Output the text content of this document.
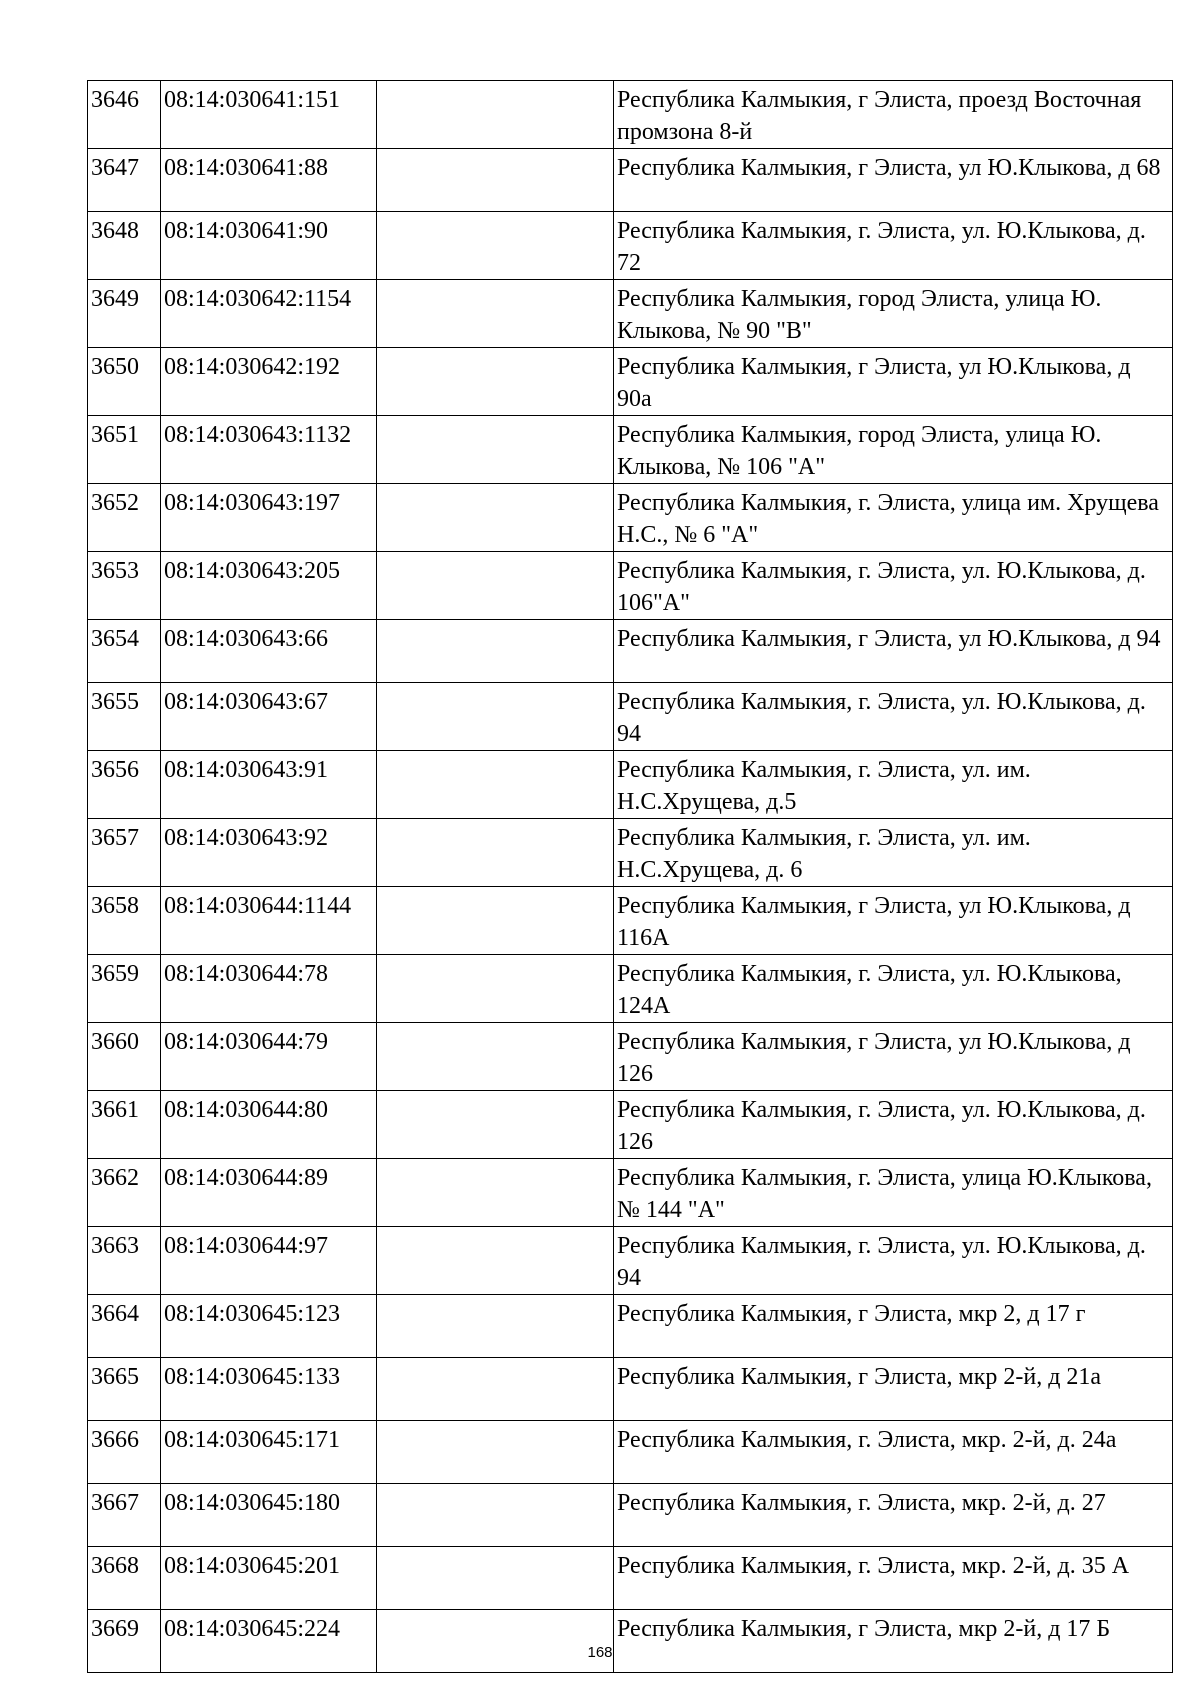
3646	08:14:030641:151		Республика Калмыкия, г Элиста, проезд Восточная промзона 8-й
3647	08:14:030641:88		Республика Калмыкия, г Элиста, ул Ю.Клыкова, д 68
3648	08:14:030641:90		Республика Калмыкия, г. Элиста, ул. Ю.Клыкова, д. 72
3649	08:14:030642:1154		Республика Калмыкия, город Элиста, улица Ю. Клыкова, № 90 "В"
3650	08:14:030642:192		Республика Калмыкия, г Элиста, ул Ю.Клыкова, д 90а
3651	08:14:030643:1132		Республика Калмыкия, город Элиста, улица Ю. Клыкова, № 106 "А"
3652	08:14:030643:197		Республика Калмыкия, г. Элиста, улица им. Хрущева Н.С., № 6 "А"
3653	08:14:030643:205		Республика Калмыкия, г. Элиста, ул. Ю.Клыкова, д. 106"А"
3654	08:14:030643:66		Республика Калмыкия, г Элиста, ул Ю.Клыкова, д 94
3655	08:14:030643:67		Республика Калмыкия, г. Элиста, ул. Ю.Клыкова, д. 94
3656	08:14:030643:91		Республика Калмыкия, г. Элиста, ул. им. Н.С.Хрущева, д.5
3657	08:14:030643:92		Республика Калмыкия, г. Элиста, ул. им. Н.С.Хрущева, д. 6
3658	08:14:030644:1144		Республика Калмыкия, г Элиста, ул Ю.Клыкова, д 116А
3659	08:14:030644:78		Республика Калмыкия, г. Элиста, ул. Ю.Клыкова, 124А
3660	08:14:030644:79		Республика Калмыкия, г Элиста, ул Ю.Клыкова, д 126
3661	08:14:030644:80		Республика Калмыкия, г. Элиста, ул. Ю.Клыкова, д. 126
3662	08:14:030644:89		Республика Калмыкия, г. Элиста, улица Ю.Клыкова, № 144 "А"
3663	08:14:030644:97		Республика Калмыкия, г. Элиста, ул. Ю.Клыкова, д. 94
3664	08:14:030645:123		Республика Калмыкия, г Элиста, мкр 2, д 17 г
3665	08:14:030645:133		Республика Калмыкия, г Элиста, мкр 2-й, д 21а
3666	08:14:030645:171		Республика Калмыкия, г. Элиста, мкр. 2-й, д. 24а
3667	08:14:030645:180		Республика Калмыкия, г. Элиста, мкр. 2-й, д. 27
3668	08:14:030645:201		Республика Калмыкия, г. Элиста, мкр. 2-й, д. 35 А
3669	08:14:030645:224		Республика Калмыкия, г Элиста, мкр 2-й, д 17 Б
168
